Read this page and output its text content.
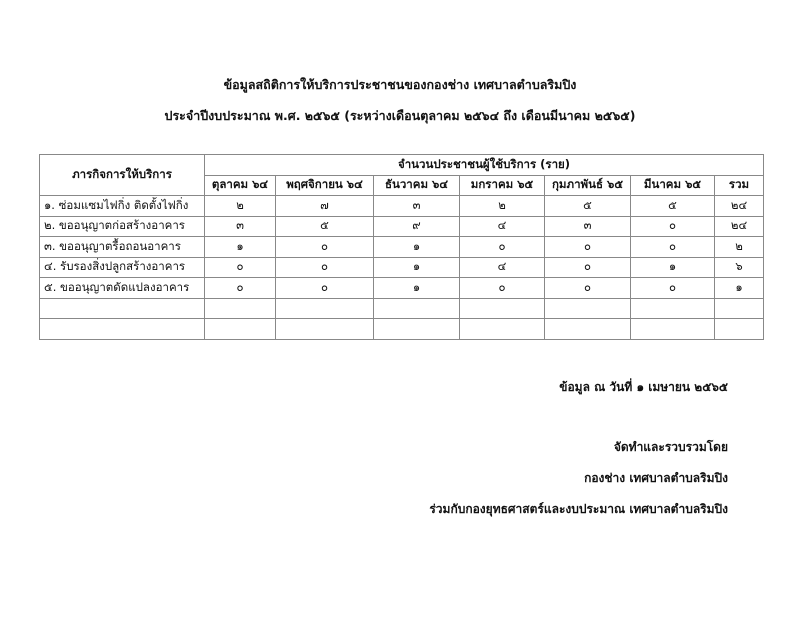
ข้อมูลสถิติการให้บริการประชาชนของกองช่าง เทศบาลตำบลริมปิง
ประจำปีงบประมาณ พ.ศ. ๒๕๖๕ (ระหว่างเดือนตุลาคม ๒๕๖๔ ถึง เดือนมีนาคม ๒๕๖๕)
ภารกิจการให้บริการ	จำนวนประชาชนผู้ใช้บริการ (ราย)						
	ตุลาคม ๖๔	พฤศจิกายน ๖๔	ธันวาคม ๖๔	มกราคม ๖๕	กุมภาพันธ์ ๖๕	มีนาคม ๖๕	รวม
๑. ซ่อมแซมไฟกิ่ง ติดตั้งไฟกิ่ง	๒	๗	๓	๒	๕	๕	๒๔
๒. ขออนุญาตก่อสร้างอาคาร	๓	๕	๙	๔	๓	๐	๒๔
๓. ขออนุญาตรื้อถอนอาคาร	๑	๐	๑	๐	๐	๐	๒
๔. รับรองสิ่งปลูกสร้างอาคาร	๐	๐	๑	๔	๐	๑	๖
๕. ขออนุญาตดัดแปลงอาคาร	๐	๐	๑	๐	๐	๐	๑

ข้อมูล ณ วันที่ ๑ เมษายน ๒๕๖๕
จัดทำและรวบรวมโดย
กองช่าง เทศบาลตำบลริมปิง
ร่วมกับกองยุทธศาสตร์และงบประมาณ เทศบาลตำบลริมปิง
